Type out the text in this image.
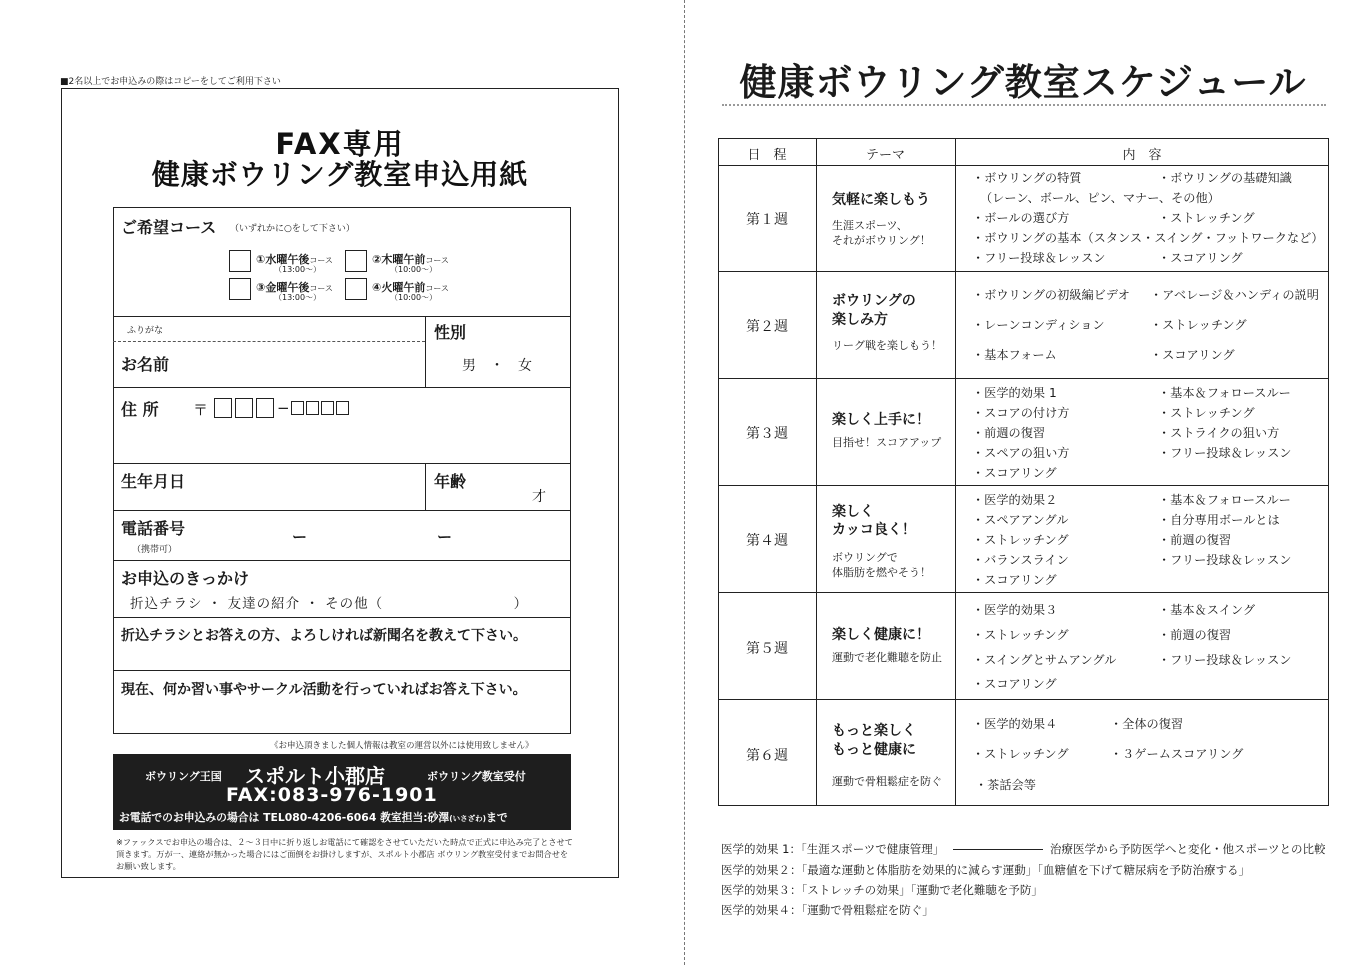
■2名以上でお申込みの際はコピーをしてご利用下さい
FAX専用
健康ボウリング教室申込用紙
ご希望コース （いずれかに○をして下さい）
①水曜午後コース
（13:00〜）
②木曜午前コース
（10:00〜）
③金曜午後コース
（13:00〜）
④火曜午前コース
（10:00〜）
ふりがな
お名前
性別
男　・　女
住 所 〒	−
生年月日	年齢
才
電話番号
（携帯可）
ー	ー
お申込のきっかけ
折込チラシ ・ 友達の紹介 ・ その他（　　　　　　　　　）
折込チラシとお答えの方、よろしければ新聞名を教えて下さい。
現在、何か習い事やサークル活動を行っていればお答え下さい。
《お申込頂きました個人情報は教室の運営以外には使用致しません》
ボウリング王国 スポルト小郡店	ボウリング教室受付
FAX:083-976-1901
お電話でのお申込みの場合は TEL080-4206-6064 教室担当:砂澤(いさざわ)まで
※ファックスでお申込の場合は、２〜３日中に折り返しお電話にて確認をさせていただいた時点で正式に申込み完了とさせて頂きます。万が一、連絡が無かった場合にはご面倒をお掛けしますが、スポルト小郡店 ボウリング教室受付までお問合せをお願い致します。
健康ボウリング教室スケジュール
日　程	テーマ	内　容
第１週
気軽に楽しもう
生涯スポーツ、
それがボウリング！
・ボウリングの特質	・ボウリングの基礎知識
（レーン、ボール、ピン、マナー、その他）
・ボールの選び方	・ストレッチング
・ボウリングの基本（スタンス・スイング・フットワークなど）
・フリー投球＆レッスン	・スコアリング
第２週
ボウリングの
楽しみ方
リーグ戦を楽しもう！
・ボウリングの初級編ビデオ ・アベレージ＆ハンディの説明
・レーンコンディション	・ストレッチング
・基本フォーム	・スコアリング
第３週
楽しく上手に！
目指せ！スコアアップ
・医学的効果 1	・基本＆フォロースルー
・スコアの付け方	・ストレッチング
・前週の復習	・ストライクの狙い方
・スペアの狙い方	・フリー投球＆レッスン
・スコアリング
第４週
楽しく
カッコ良く！
ボウリングで
体脂肪を燃やそう！
・医学的効果２	・基本＆フォロースルー
・スペアアングル	・自分専用ボールとは
・ストレッチング	・前週の復習
・バランスライン	・フリー投球＆レッスン
・スコアリング
第５週
楽しく健康に！
運動で老化難聴を防止
・医学的効果３	・基本＆スイング
・ストレッチング	・前週の復習
・スイングとサムアングル	・フリー投球＆レッスン
・スコアリング
第６週
もっと楽しく
もっと健康に
運動で骨粗鬆症を防ぐ
・医学的効果４	・全体の復習
・ストレッチング	・３ゲームスコアリング
・茶話会等
医学的効果 1：「生涯スポーツで健康管理」	治療医学から予防医学へと変化・他スポーツとの比較
医学的効果２：「最適な運動と体脂肪を効果的に減らす運動」「血糖値を下げて糖尿病を予防治療する」
医学的効果３：「ストレッチの効果」「運動で老化難聴を予防」
医学的効果４：「運動で骨粗鬆症を防ぐ」
